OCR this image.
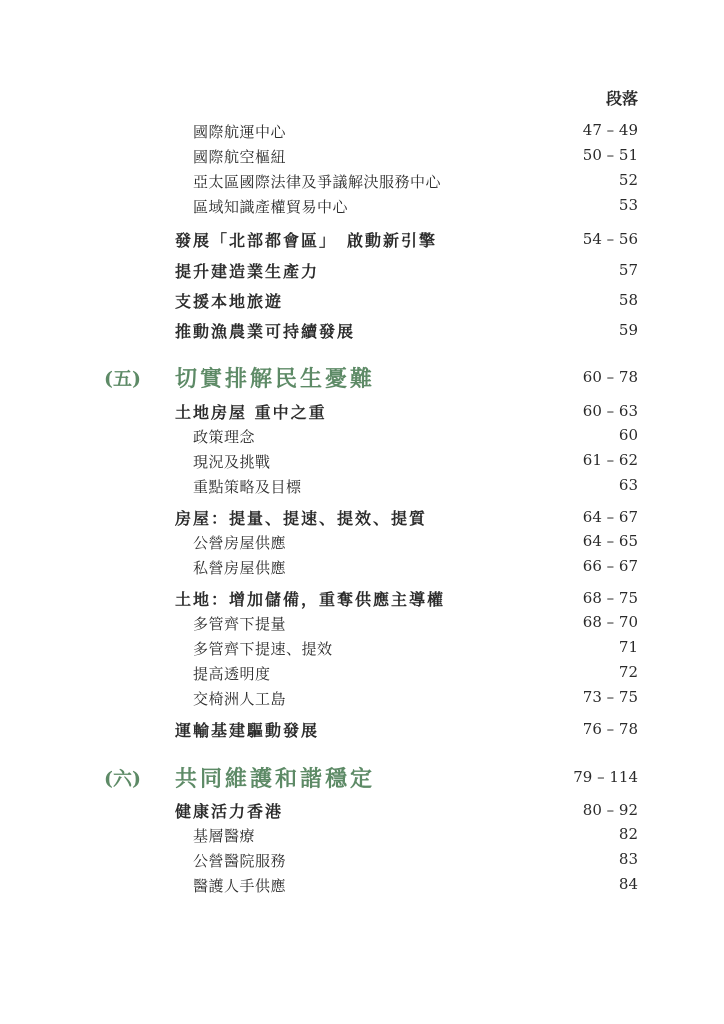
段落
國際航運中心	47 – 49
國際航空樞紐	50 – 51
亞太區國際法律及爭議解決服務中心	52
區域知識產權貿易中心	53
發展「北部都會區」　啟動新引擎	54 – 56
提升建造業生產力	57
支援本地旅遊	58
推動漁農業可持續發展	59
(五) 切實排解民生憂難	60 – 78
土地房屋 重中之重	60 – 63
政策理念	60
現況及挑戰	61 – 62
重點策略及目標	63
房屋：提量、提速、提效、提質	64 – 67
公營房屋供應	64 – 65
私營房屋供應	66 – 67
土地：增加儲備，重奪供應主導權	68 – 75
多管齊下提量	68 – 70
多管齊下提速、提效	71
提高透明度	72
交椅洲人工島	73 – 75
運輸基建驅動發展	76 – 78
(六) 共同維護和諧穩定	79 – 114
健康活力香港	80 – 92
基層醫療	82
公營醫院服務	83
醫護人手供應	84
